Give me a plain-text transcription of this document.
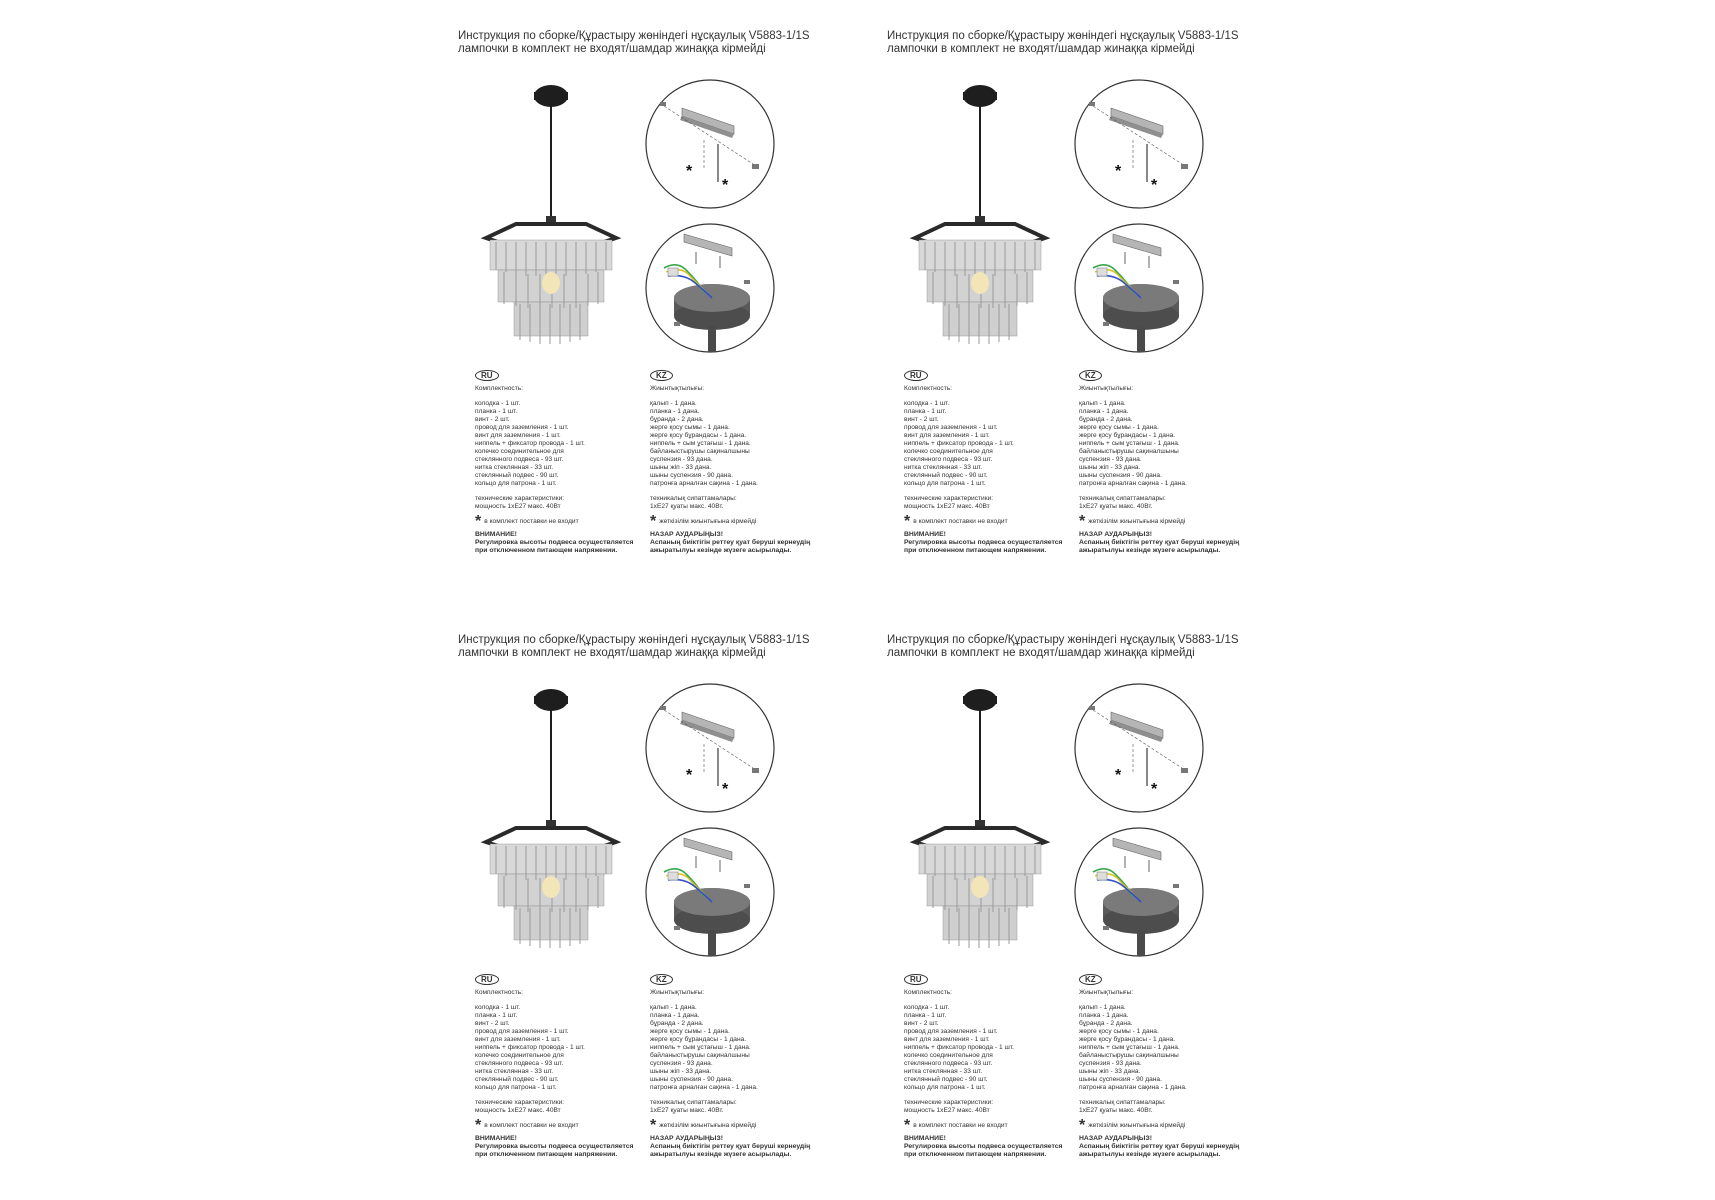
Инструкция по сборке/Құрастыру жөніндегі нұсқаулық V5883-1/1S
лампочки в комплект не входят/шамдар жинаққа кірмейді
*
*
RU
Комплектность:
колодка - 1 шт.
планка - 1 шт.
винт - 2 шт.
провод для заземления - 1 шт.
винт для заземления - 1 шт.
ниппель + фиксатор провода - 1 шт.
колечко соединительное для
стеклянного подвеса - 93 шт.
нитка стеклянная - 33 шт.
стеклянный подвес - 90 шт.
кольцо для патрона - 1 шт.
технические характеристики:
мощность 1xE27 макс. 40Вт
* в комплект поставки не входит
ВНИМАНИЕ!
Регулировка высоты подвеса осуществляется
при отключенном питающем напряжении.
KZ
Жиынтықтылығы:
қалып - 1 дана.
планка - 1 дана.
бұранда - 2 дана.
жерге қосу сымы - 1 дана.
жерге қосу бұрандасы - 1 дана.
ниппель + сым ұстағыш - 1 дана.
байланыстырушы сақиналшыны
суспензия - 93 дана.
шыны жіп - 33 дана.
шыны суспензия - 90 дана.
патронға арналған сақина - 1 дана.
техникалық сипаттамалары:
1xE27 қуаты макс. 40Вт.
* жеткізілім жиынтығына кірмейді
НАЗАР АУДАРЫҢЫЗ!
Аспаның биіктігін реттеу қуат беруші кернеудің
ажыратылуы кезінде жүзеге асырылады.
Инструкция по сборке/Құрастыру жөніндегі нұсқаулық V5883-1/1S
лампочки в комплект не входят/шамдар жинаққа кірмейді
*
*
RU
Комплектность:
колодка - 1 шт.
планка - 1 шт.
винт - 2 шт.
провод для заземления - 1 шт.
винт для заземления - 1 шт.
ниппель + фиксатор провода - 1 шт.
колечко соединительное для
стеклянного подвеса - 93 шт.
нитка стеклянная - 33 шт.
стеклянный подвес - 90 шт.
кольцо для патрона - 1 шт.
технические характеристики:
мощность 1xE27 макс. 40Вт
* в комплект поставки не входит
ВНИМАНИЕ!
Регулировка высоты подвеса осуществляется
при отключенном питающем напряжении.
KZ
Жиынтықтылығы:
қалып - 1 дана.
планка - 1 дана.
бұранда - 2 дана.
жерге қосу сымы - 1 дана.
жерге қосу бұрандасы - 1 дана.
ниппель + сым ұстағыш - 1 дана.
байланыстырушы сақиналшыны
суспензия - 93 дана.
шыны жіп - 33 дана.
шыны суспензия - 90 дана.
патронға арналған сақина - 1 дана.
техникалық сипаттамалары:
1xE27 қуаты макс. 40Вт.
* жеткізілім жиынтығына кірмейді
НАЗАР АУДАРЫҢЫЗ!
Аспаның биіктігін реттеу қуат беруші кернеудің
ажыратылуы кезінде жүзеге асырылады.
Инструкция по сборке/Құрастыру жөніндегі нұсқаулық V5883-1/1S
лампочки в комплект не входят/шамдар жинаққа кірмейді
*
*
RU
Комплектность:
колодка - 1 шт.
планка - 1 шт.
винт - 2 шт.
провод для заземления - 1 шт.
винт для заземления - 1 шт.
ниппель + фиксатор провода - 1 шт.
колечко соединительное для
стеклянного подвеса - 93 шт.
нитка стеклянная - 33 шт.
стеклянный подвес - 90 шт.
кольцо для патрона - 1 шт.
технические характеристики:
мощность 1xE27 макс. 40Вт
* в комплект поставки не входит
ВНИМАНИЕ!
Регулировка высоты подвеса осуществляется
при отключенном питающем напряжении.
KZ
Жиынтықтылығы:
қалып - 1 дана.
планка - 1 дана.
бұранда - 2 дана.
жерге қосу сымы - 1 дана.
жерге қосу бұрандасы - 1 дана.
ниппель + сым ұстағыш - 1 дана.
байланыстырушы сақиналшыны
суспензия - 93 дана.
шыны жіп - 33 дана.
шыны суспензия - 90 дана.
патронға арналған сақина - 1 дана.
техникалық сипаттамалары:
1xE27 қуаты макс. 40Вт.
* жеткізілім жиынтығына кірмейді
НАЗАР АУДАРЫҢЫЗ!
Аспаның биіктігін реттеу қуат беруші кернеудің
ажыратылуы кезінде жүзеге асырылады.
Инструкция по сборке/Құрастыру жөніндегі нұсқаулық V5883-1/1S
лампочки в комплект не входят/шамдар жинаққа кірмейді
*
*
RU
Комплектность:
колодка - 1 шт.
планка - 1 шт.
винт - 2 шт.
провод для заземления - 1 шт.
винт для заземления - 1 шт.
ниппель + фиксатор провода - 1 шт.
колечко соединительное для
стеклянного подвеса - 93 шт.
нитка стеклянная - 33 шт.
стеклянный подвес - 90 шт.
кольцо для патрона - 1 шт.
технические характеристики:
мощность 1xE27 макс. 40Вт
* в комплект поставки не входит
ВНИМАНИЕ!
Регулировка высоты подвеса осуществляется
при отключенном питающем напряжении.
KZ
Жиынтықтылығы:
қалып - 1 дана.
планка - 1 дана.
бұранда - 2 дана.
жерге қосу сымы - 1 дана.
жерге қосу бұрандасы - 1 дана.
ниппель + сым ұстағыш - 1 дана.
байланыстырушы сақиналшыны
суспензия - 93 дана.
шыны жіп - 33 дана.
шыны суспензия - 90 дана.
патронға арналған сақина - 1 дана.
техникалық сипаттамалары:
1xE27 қуаты макс. 40Вт.
* жеткізілім жиынтығына кірмейді
НАЗАР АУДАРЫҢЫЗ!
Аспаның биіктігін реттеу қуат беруші кернеудің
ажыратылуы кезінде жүзеге асырылады.
